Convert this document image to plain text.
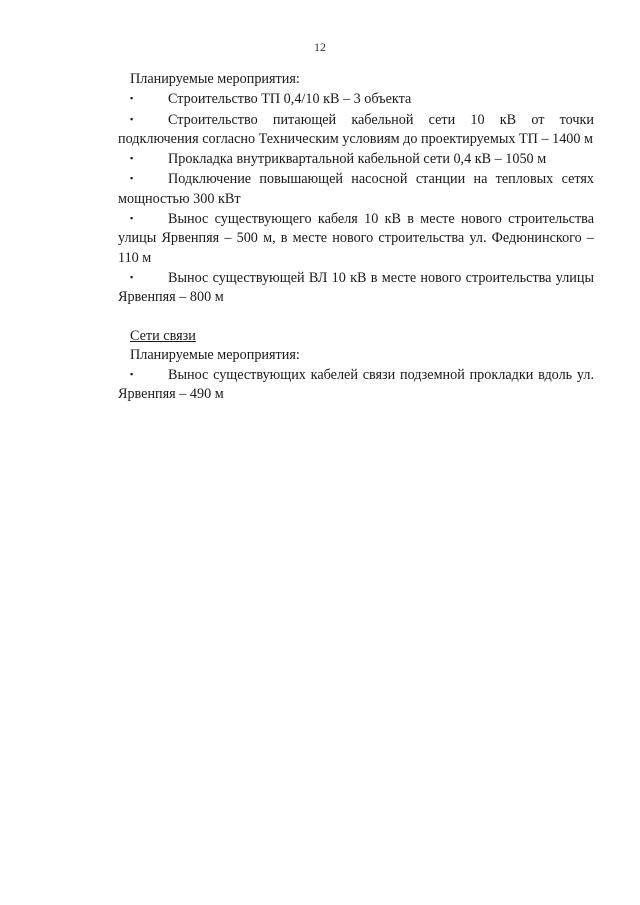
12

Планируемые мероприятия:

▪ Строительство ТП 0,4/10 кВ – 3 объекта

▪ Строительство питающей кабельной сети 10 кВ от точки подключения согласно Техническим условиям до проектируемых ТП – 1400 м

▪ Прокладка внутриквартальной кабельной сети 0,4 кВ – 1050 м

▪ Подключение повышающей насосной станции на тепловых сетях мощностью 300 кВт

▪ Вынос существующего кабеля 10 кВ в месте нового строительства улицы Ярвенпяя – 500 м, в месте нового строительства ул. Федюнинского – 110 м

▪ Вынос существующей ВЛ 10 кВ в месте нового строительства улицы Ярвенпяя – 800 м

Сети связи

Планируемые мероприятия:

▪ Вынос существующих кабелей связи подземной прокладки вдоль ул. Ярвенпяя – 490 м
